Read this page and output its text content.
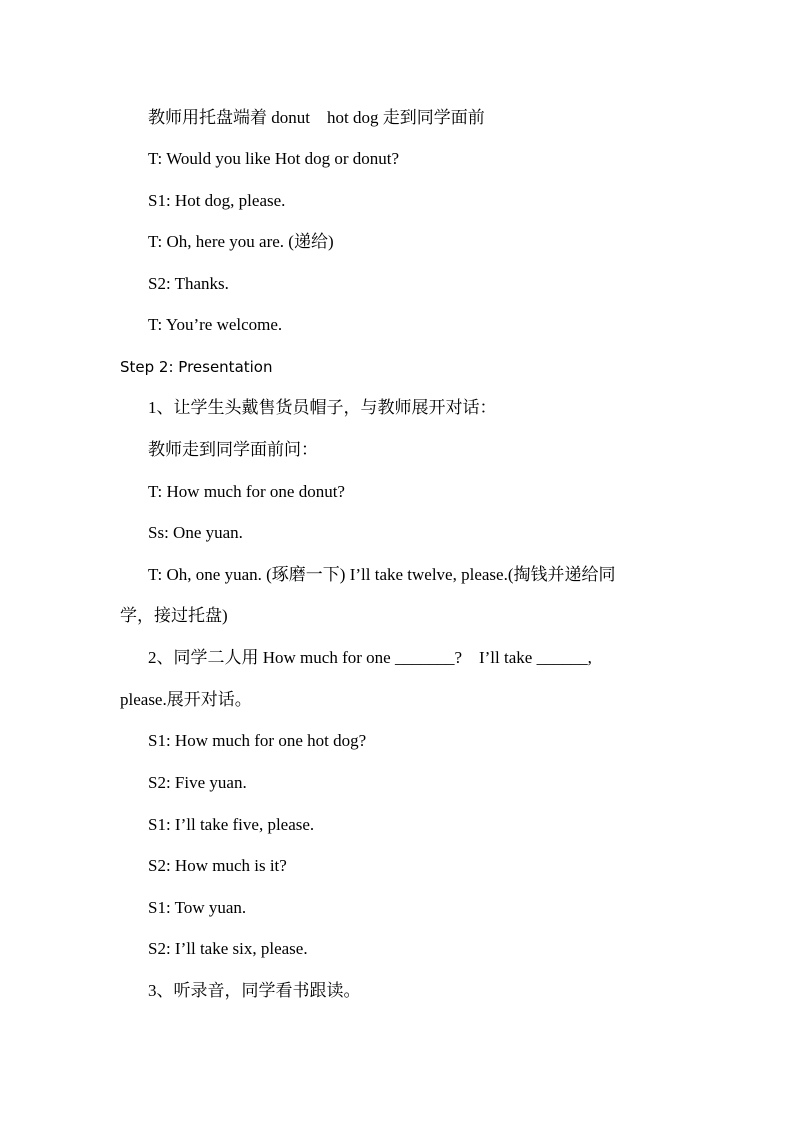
教师用托盘端着 donut　hot dog 走到同学面前
T: Would you like Hot dog or donut?
S1: Hot dog, please.
T: Oh, here you are. (递给)
S2: Thanks.
T: You’re welcome.
Step 2: Presentation
1、让学生头戴售货员帽子，与教师展开对话：
教师走到同学面前问：
T: How much for one donut?
Ss: One yuan.
T: Oh, one yuan. (琢磨一下) I’ll take twelve, please.(掏钱并递给同
学，接过托盘)
2、同学二人用 How much for one _______?　I’ll take ______,
please.展开对话。
S1: How much for one hot dog?
S2: Five yuan.
S1: I’ll take five, please.
S2: How much is it?
S1: Tow yuan.
S2: I’ll take six, please.
3、听录音，同学看书跟读。
